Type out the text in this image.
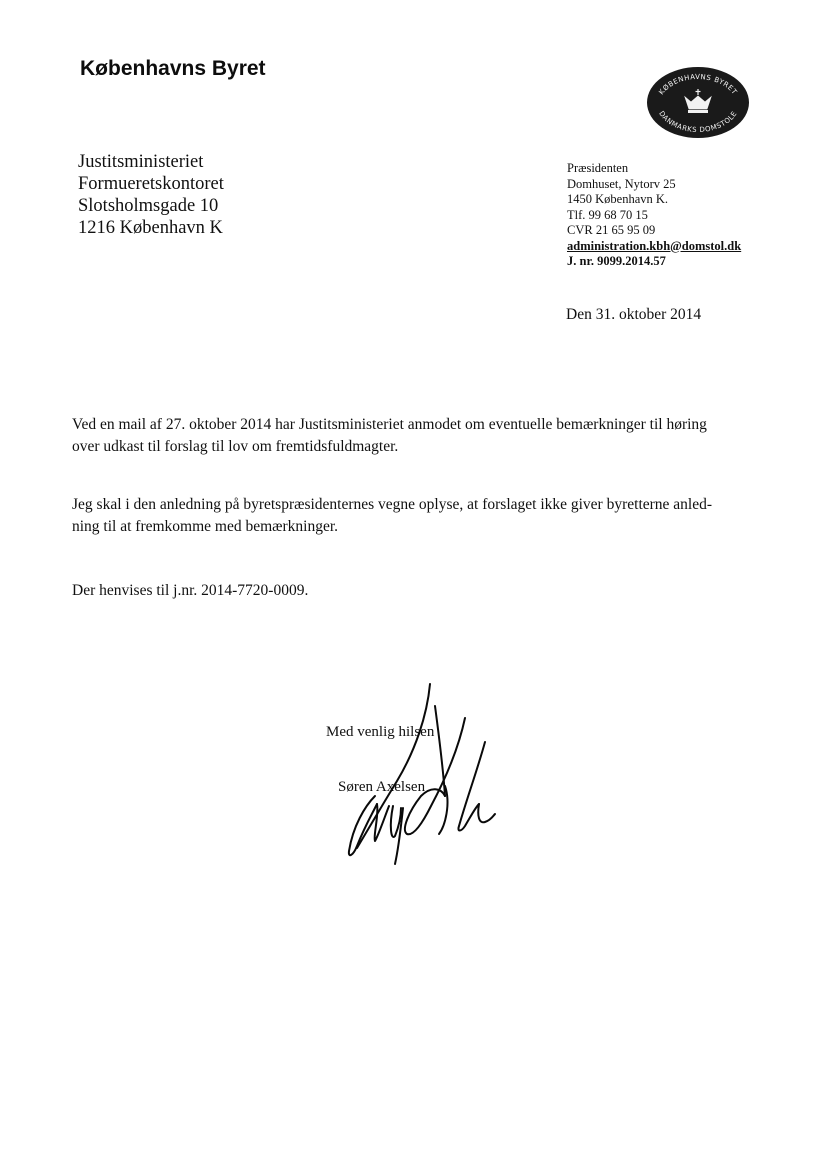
Københavns Byret
KØBENHAVNS BYRET
DANMARKS DOMSTOLE
Justitsministeriet
Formueretskontoret
Slotsholmsgade 10
1216 København K
Præsidenten
Domhuset, Nytorv 25
1450 København K.
Tlf. 99 68 70 15
CVR 21 65 95 09
administration.kbh@domstol.dk
J. nr. 9099.2014.57
Den 31. oktober 2014
Ved en mail af 27. oktober 2014 har Justitsministeriet anmodet om eventuelle bemærkninger til høring
over udkast til forslag til lov om fremtidsfuldmagter.
Jeg skal i den anledning på byretspræsidenternes vegne oplyse, at forslaget ikke giver byretterne anled-
ning til at fremkomme med bemærkninger.
Der henvises til j.nr. 2014-7720-0009.
Med venlig hilsen
Søren Axelsen
